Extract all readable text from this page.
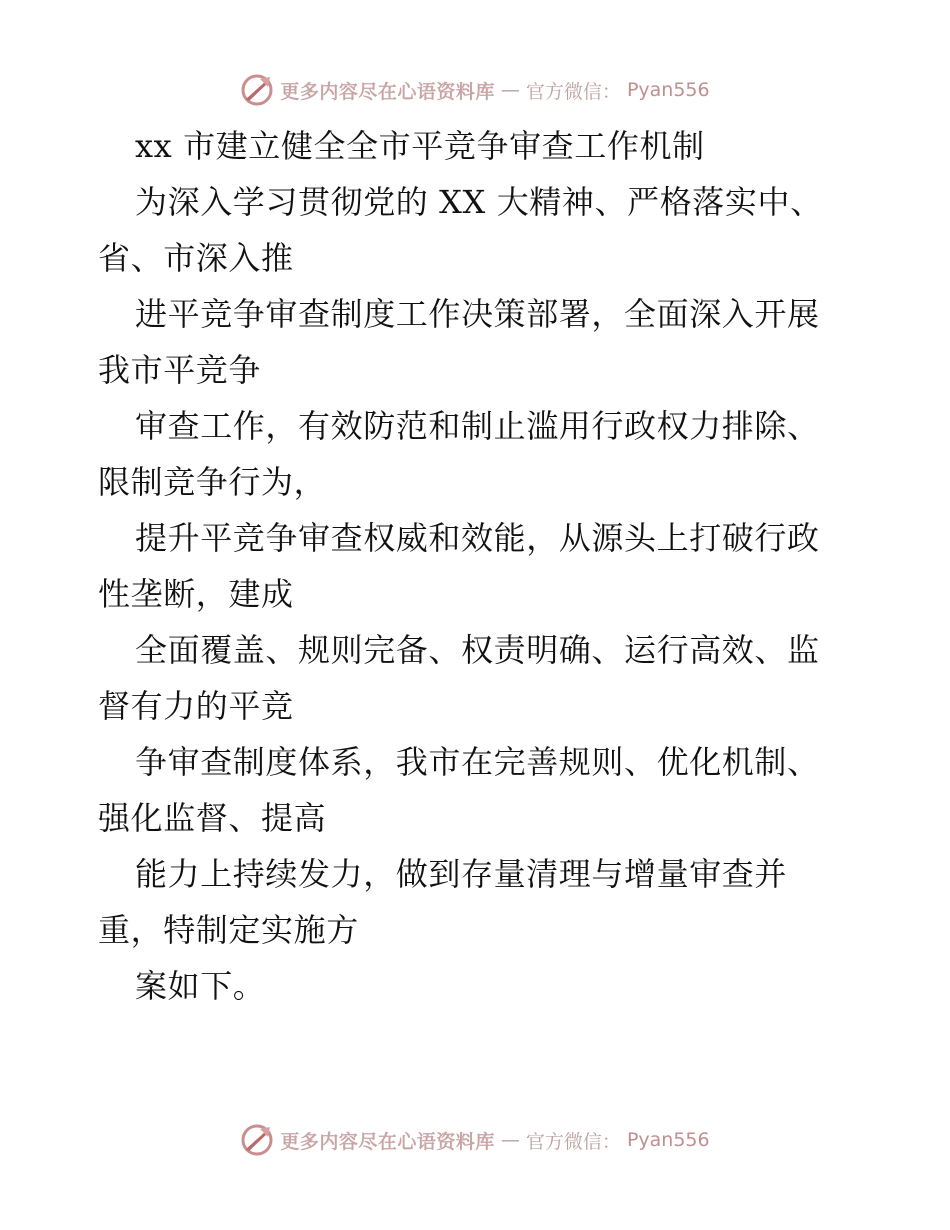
更多内容尽在心语资料库 — 官方微信： Pyan556
xx 市建立健全全市平竞争审查工作机制
为深入学习贯彻党的 XX 大精神、严格落实中、
省、市深入推
进平竞争审查制度工作决策部署，全面深入开展
我市平竞争
审查工作，有效防范和制止滥用行政权力排除、
限制竞争行为，
提升平竞争审查权威和效能，从源头上打破行政
性垄断，建成
全面覆盖、规则完备、权责明确、运行高效、监
督有力的平竞
争审查制度体系，我市在完善规则、优化机制、
强化监督、提高
能力上持续发力，做到存量清理与增量审查并
重，特制定实施方
案如下。
更多内容尽在心语资料库 — 官方微信： Pyan556
